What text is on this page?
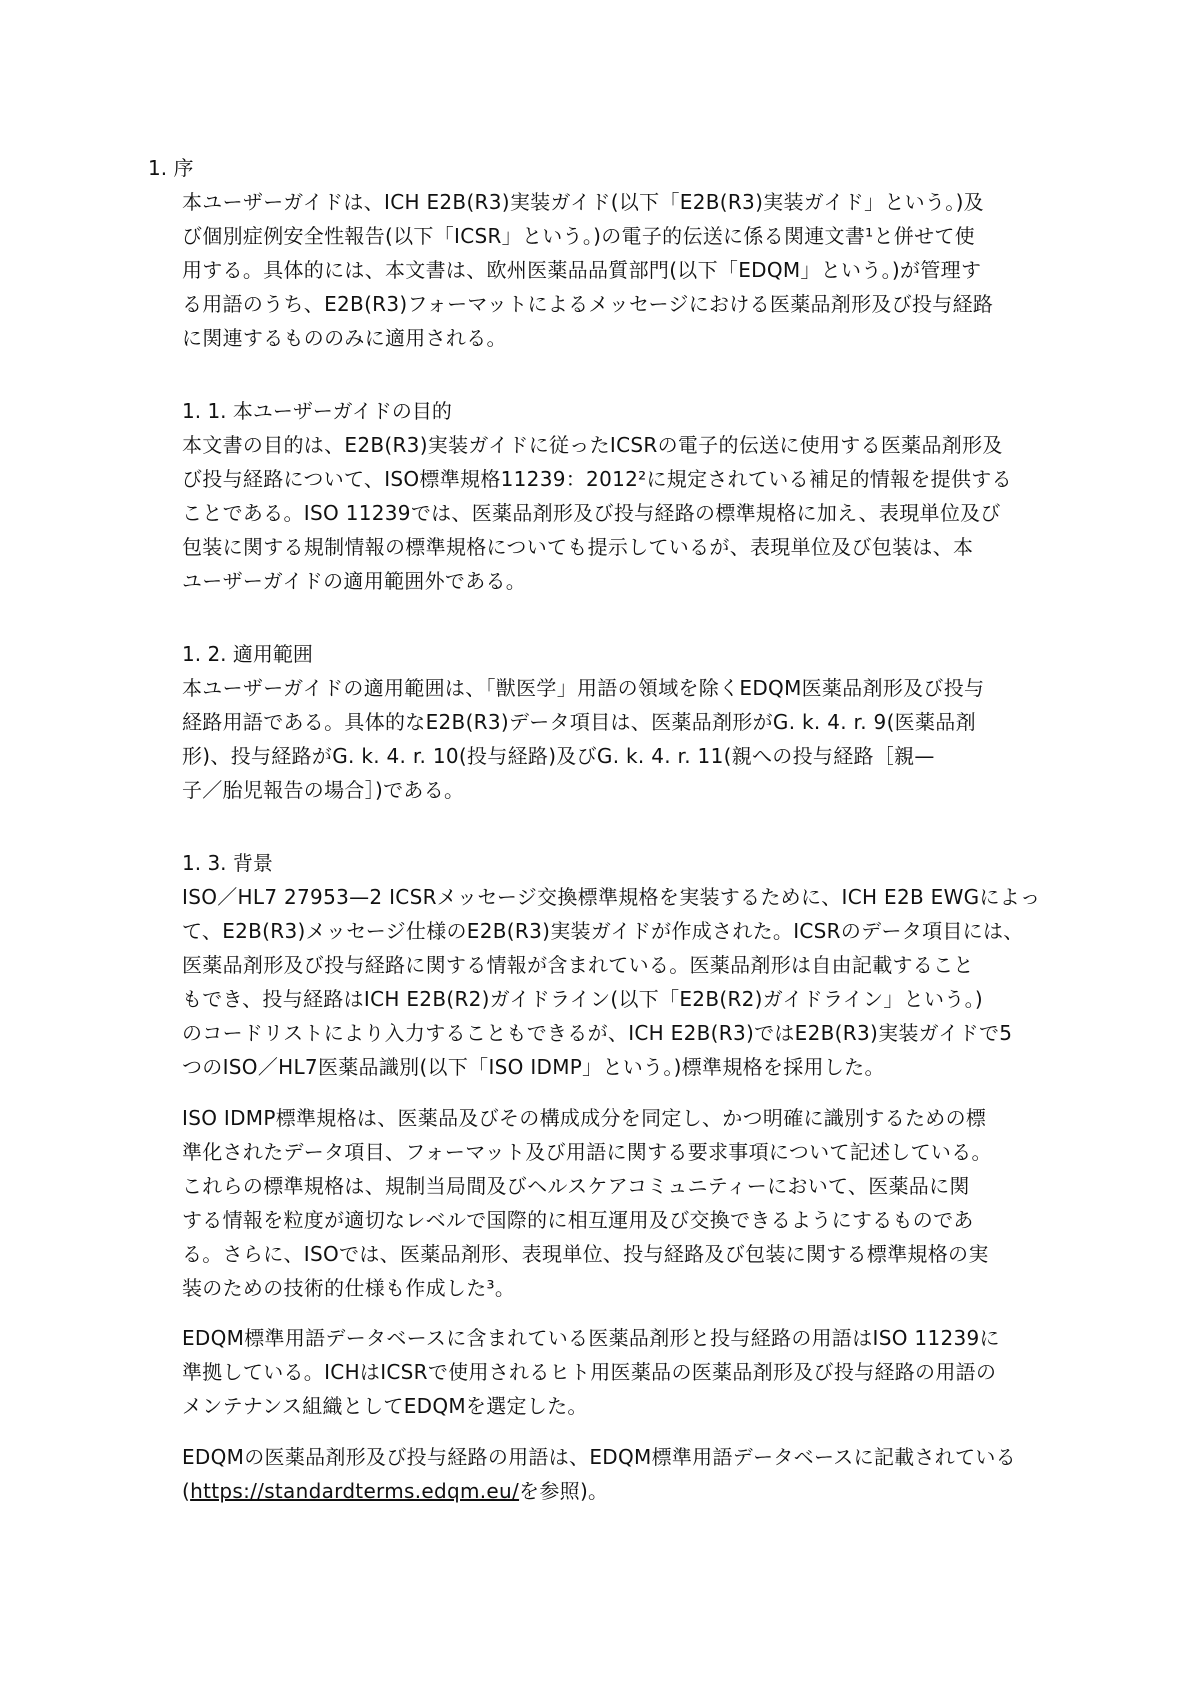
1. 序
本ユーザーガイドは、ICH E2B(R3)実装ガイド(以下「E2B(R3)実装ガイド」という。)及
び個別症例安全性報告(以下「ICSR」という。)の電子的伝送に係る関連文書¹と併せて使
用する。具体的には、本文書は、欧州医薬品品質部門(以下「EDQM」という。)が管理す
る用語のうち、E2B(R3)フォーマットによるメッセージにおける医薬品剤形及び投与経路
に関連するもののみに適用される。
1. 1. 本ユーザーガイドの目的
本文書の目的は、E2B(R3)実装ガイドに従ったICSRの電子的伝送に使用する医薬品剤形及
び投与経路について、ISO標準規格11239：2012²に規定されている補足的情報を提供する
ことである。ISO 11239では、医薬品剤形及び投与経路の標準規格に加え、表現単位及び
包装に関する規制情報の標準規格についても提示しているが、表現単位及び包装は、本
ユーザーガイドの適用範囲外である。
1. 2. 適用範囲
本ユーザーガイドの適用範囲は、「獣医学」用語の領域を除くEDQM医薬品剤形及び投与
経路用語である。具体的なE2B(R3)データ項目は、医薬品剤形がG. k. 4. r. 9(医薬品剤
形)、投与経路がG. k. 4. r. 10(投与経路)及びG. k. 4. r. 11(親への投与経路［親—
子／胎児報告の場合］)である。
1. 3. 背景
ISO／HL7 27953—2 ICSRメッセージ交換標準規格を実装するために、ICH E2B EWGによっ
て、E2B(R3)メッセージ仕様のE2B(R3)実装ガイドが作成された。ICSRのデータ項目には、
医薬品剤形及び投与経路に関する情報が含まれている。医薬品剤形は自由記載すること
もでき、投与経路はICH E2B(R2)ガイドライン(以下「E2B(R2)ガイドライン」という。)
のコードリストにより入力することもできるが、ICH E2B(R3)ではE2B(R3)実装ガイドで5
つのISO／HL7医薬品識別(以下「ISO IDMP」という。)標準規格を採用した。
ISO IDMP標準規格は、医薬品及びその構成成分を同定し、かつ明確に識別するための標
準化されたデータ項目、フォーマット及び用語に関する要求事項について記述している。
これらの標準規格は、規制当局間及びヘルスケアコミュニティーにおいて、医薬品に関
する情報を粒度が適切なレベルで国際的に相互運用及び交換できるようにするものであ
る。さらに、ISOでは、医薬品剤形、表現単位、投与経路及び包装に関する標準規格の実
装のための技術的仕様も作成した³。
EDQM標準用語データベースに含まれている医薬品剤形と投与経路の用語はISO 11239に
準拠している。ICHはICSRで使用されるヒト用医薬品の医薬品剤形及び投与経路の用語の
メンテナンス組織としてEDQMを選定した。
EDQMの医薬品剤形及び投与経路の用語は、EDQM標準用語データベースに記載されている
(https://standardterms.edqm.eu/を参照)。
